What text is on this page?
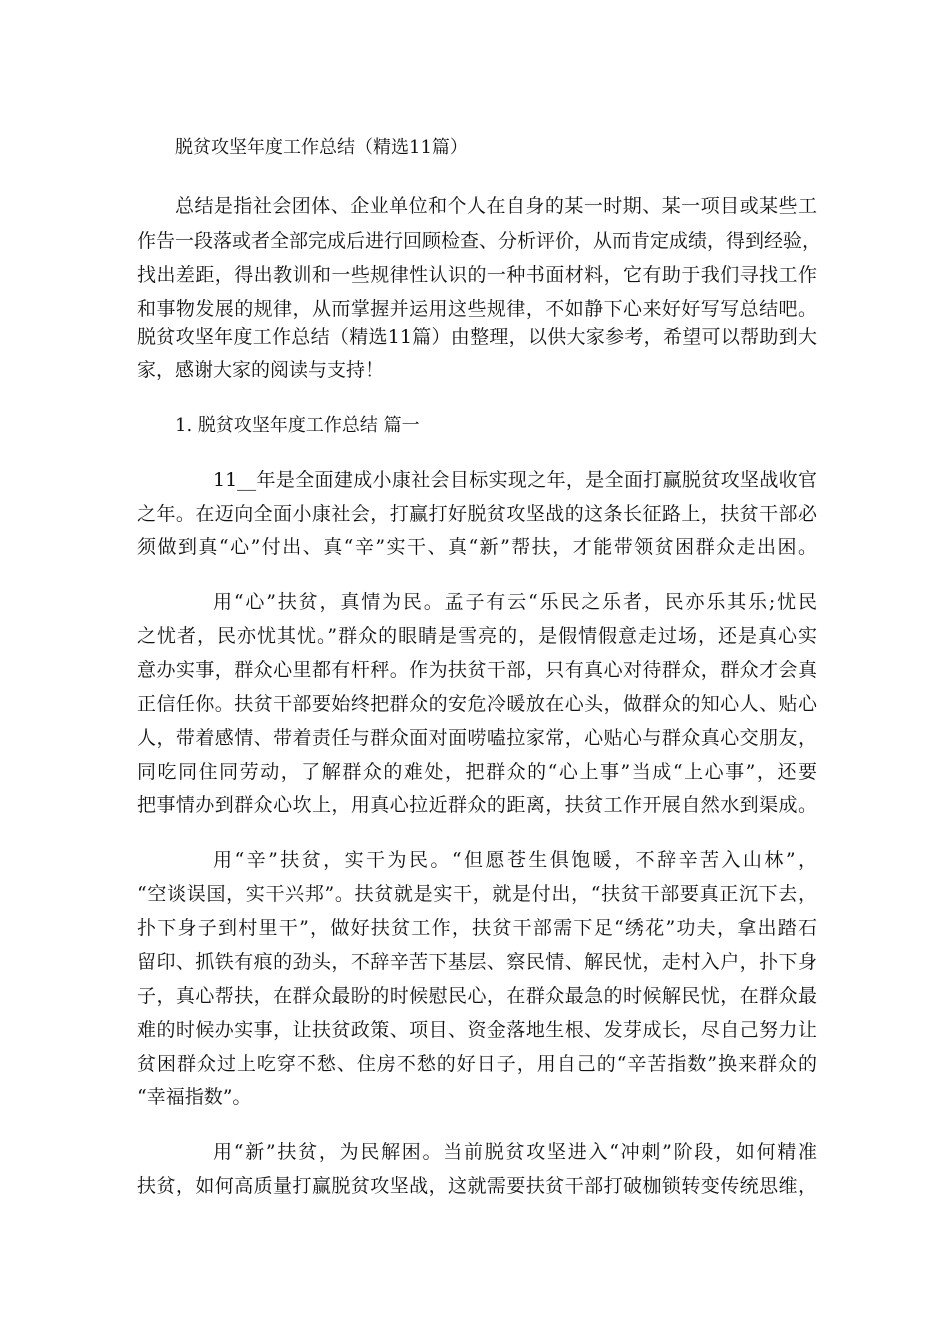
脱贫攻坚年度工作总结（精选11篇）

总结是指社会团体、企业单位和个人在自身的某一时期、某一项目或某些工

作告一段落或者全部完成后进行回顾检查、分析评价，从而肯定成绩，得到经验，

找出差距，得出教训和一些规律性认识的一种书面材料，它有助于我们寻找工作

和事物发展的规律，从而掌握并运用这些规律，不如静下心来好好写写总结吧。

脱贫攻坚年度工作总结（精选11篇）由整理，以供大家参考，希望可以帮助到大

家，感谢大家的阅读与支持！

1. 脱贫攻坚年度工作总结 篇一

11__年是全面建成小康社会目标实现之年，是全面打赢脱贫攻坚战收官

之年。在迈向全面小康社会，打赢打好脱贫攻坚战的这条长征路上，扶贫干部必

须做到真“心”付出、真“辛”实干、真“新”帮扶，才能带领贫困群众走出困。

用“心”扶贫，真情为民。孟子有云“乐民之乐者，民亦乐其乐;忧民

之忧者，民亦忧其忧。”群众的眼睛是雪亮的，是假情假意走过场，还是真心实

意办实事，群众心里都有杆秤。作为扶贫干部，只有真心对待群众，群众才会真

正信任你。扶贫干部要始终把群众的安危冷暖放在心头，做群众的知心人、贴心

人，带着感情、带着责任与群众面对面唠嗑拉家常，心贴心与群众真心交朋友，

同吃同住同劳动，了解群众的难处，把群众的“心上事”当成“上心事”，还要

把事情办到群众心坎上，用真心拉近群众的距离，扶贫工作开展自然水到渠成。

用“辛”扶贫，实干为民。“但愿苍生俱饱暖，不辞辛苦入山林”，

“空谈误国，实干兴邦”。扶贫就是实干，就是付出，“扶贫干部要真正沉下去，

扑下身子到村里干”，做好扶贫工作，扶贫干部需下足“绣花”功夫，拿出踏石

留印、抓铁有痕的劲头，不辞辛苦下基层、察民情、解民忧，走村入户，扑下身

子，真心帮扶，在群众最盼的时候慰民心，在群众最急的时候解民忧，在群众最

难的时候办实事，让扶贫政策、项目、资金落地生根、发芽成长，尽自己努力让

贫困群众过上吃穿不愁、住房不愁的好日子，用自己的“辛苦指数”换来群众的

“幸福指数”。

用“新”扶贫，为民解困。当前脱贫攻坚进入“冲刺”阶段，如何精准

扶贫，如何高质量打赢脱贫攻坚战，这就需要扶贫干部打破枷锁转变传统思维，
